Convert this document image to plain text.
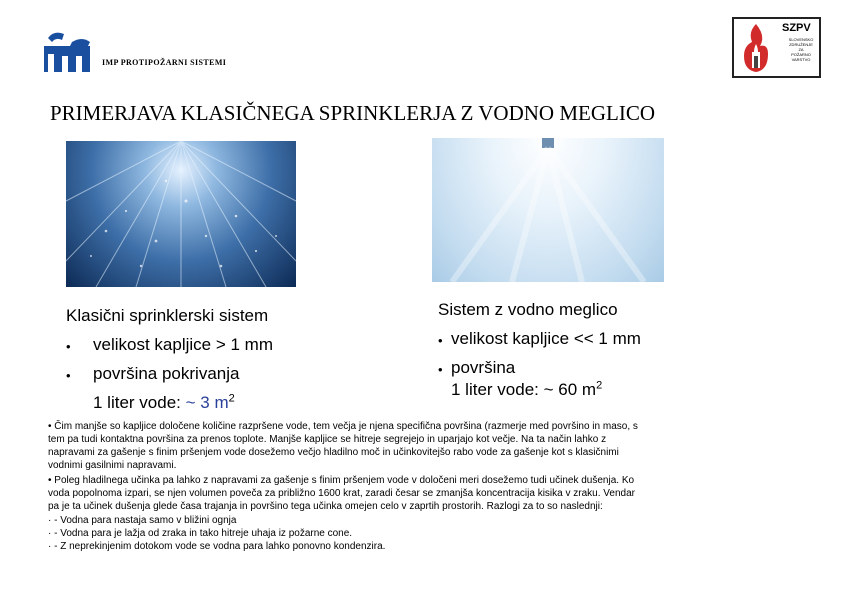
IMP PROTIPOŽARNI SISTEMI
SZPV
SLOVENSKO
ZDRUŽENJE
ZA
POŽARNO
VARSTVO
PRIMERJAVA KLASIČNEGA SPRINKLERJA Z VODNO MEGLICO
Klasični sprinklerski sistem
• velikost kapljice > 1 mm
• površina pokrivanja
1 liter vode: ~ 3 $m^2$
Sistem z vodno meglico
• velikost kapljice << 1 mm
• površina
1 liter vode: ~ 60 $m^2$
• Čim manjše so kapljice določene količine razpršene vode, tem večja je njena specifična površina (razmerje med površino in maso, s
tem pa tudi kontaktna površina za prenos toplote. Manjše kapljice se hitreje segrejejo in uparjajo kot večje. Na ta način lahko z
napravami za gašenje s finim pršenjem vode dosežemo večjo hladilno moč in učinkovitejšo rabo vode za gašenje kot s klasičnimi
vodnimi gasilnimi napravami.
• Poleg hladilnega učinka pa lahko z napravami za gašenje s finim pršenjem vode v določeni meri dosežemo tudi učinek dušenja. Ko
voda popolnoma izpari, se njen volumen poveča za približno 1600 krat, zaradi česar se zmanjša koncentracija kisika v zraku. Vendar
pa je ta učinek dušenja glede časa trajanja in površino tega učinka omejen celo v zaprtih prostorih. Razlogi za to so naslednji:
· - Vodna para nastaja samo v bližini ognja
· - Vodna para je lažja od zraka in tako hitreje uhaja iz požarne cone.
· - Z neprekinjenim dotokom vode se vodna para lahko ponovno kondenzira.
